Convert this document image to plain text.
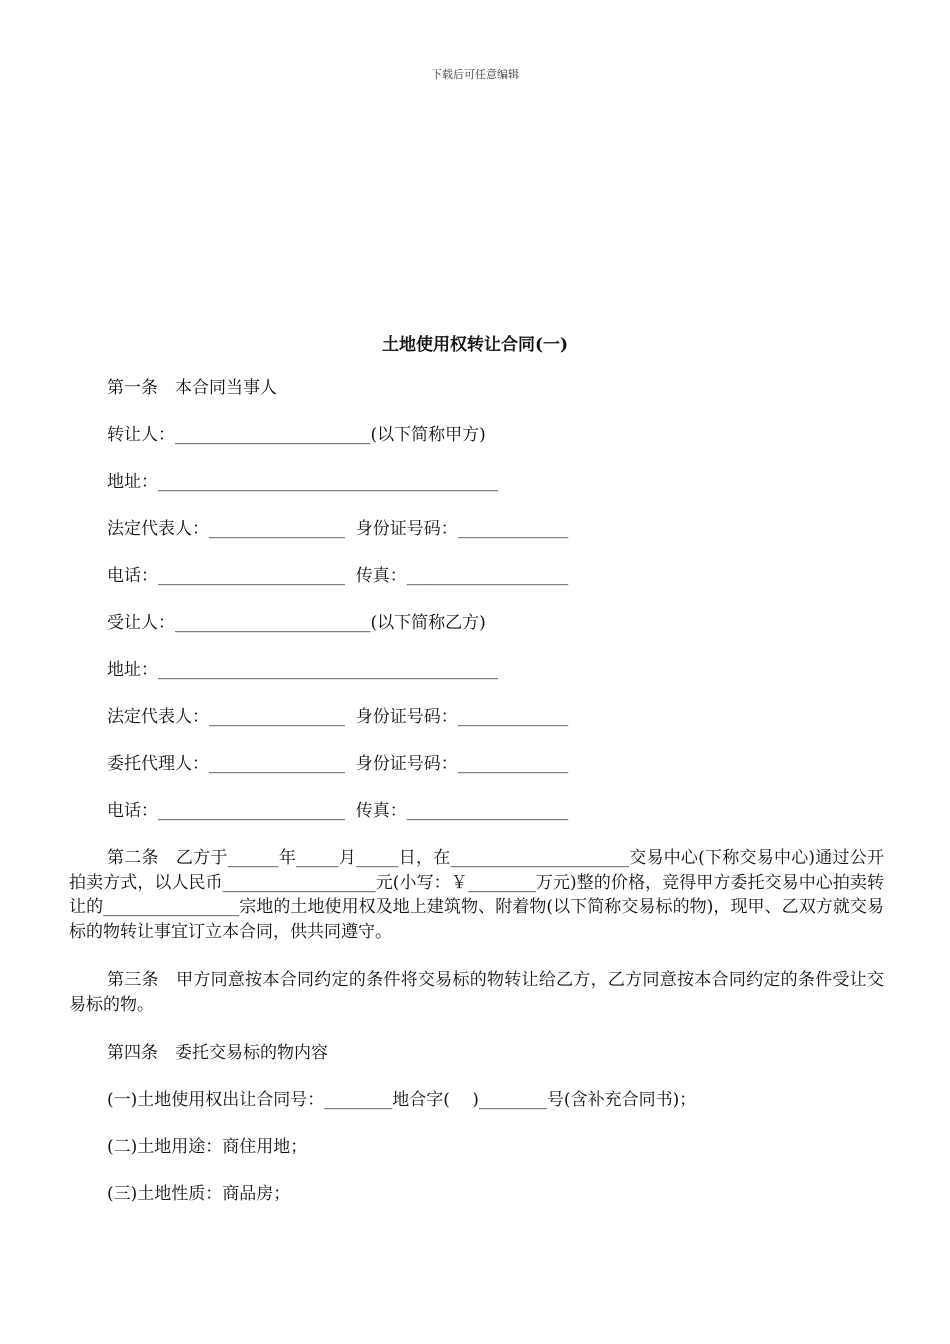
下载后可任意编辑
土地使用权转让合同(一)
第一条　本合同当事人
转让人：_______________________(以下简称甲方)
地址：________________________________________
法定代表人：________________  身份证号码：_____________
电话：______________________  传真：___________________
受让人：_______________________(以下简称乙方)
地址：________________________________________
法定代表人：________________  身份证号码：_____________
委托代理人：________________  身份证号码：_____________
电话：______________________  传真：___________________
第二条　乙方于______年_____月_____日，在_____________________交易中心(下称交易中心)通过公开拍卖方式，以人民币__________________元(小写：￥________万元)整的价格，竞得甲方委托交易中心拍卖转让的________________宗地的土地使用权及地上建筑物、附着物(以下简称交易标的物)，现甲、乙双方就交易标的物转让事宜订立本合同，供共同遵守。
第三条　甲方同意按本合同约定的条件将交易标的物转让给乙方，乙方同意按本合同约定的条件受让交易标的物。
第四条　委托交易标的物内容
(一)土地使用权出让合同号：________地合字(　 )________号(含补充合同书)；
(二)土地用途：商住用地；
(三)土地性质：商品房；
